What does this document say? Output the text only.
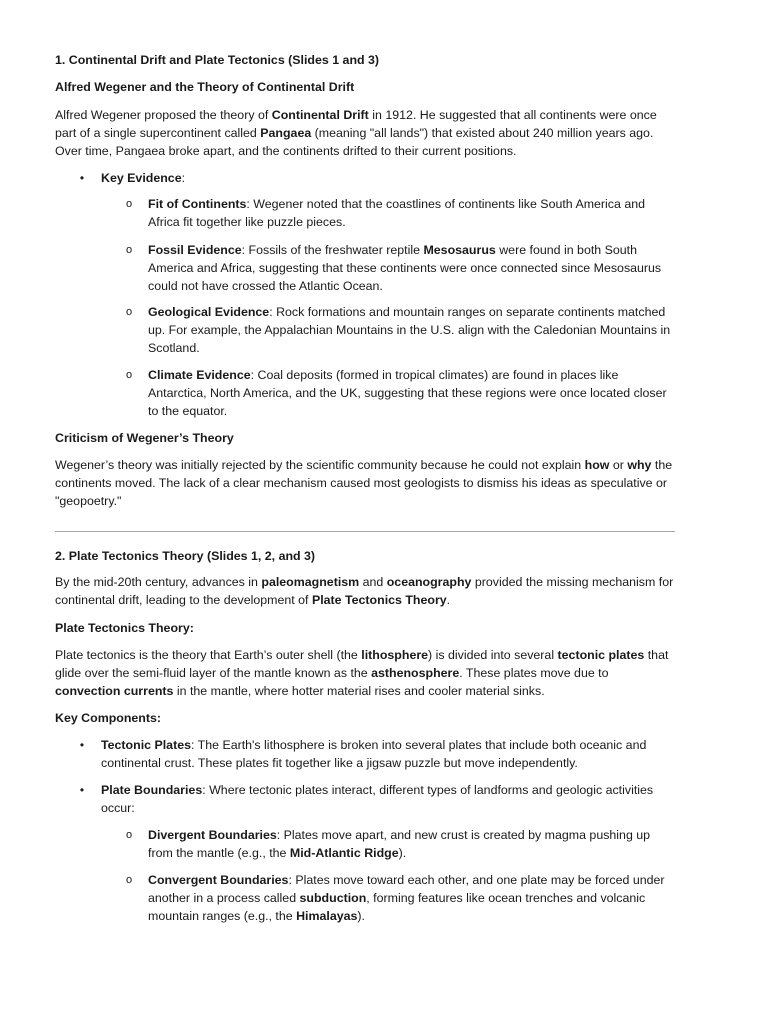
1. Continental Drift and Plate Tectonics (Slides 1 and 3)

Alfred Wegener and the Theory of Continental Drift

Alfred Wegener proposed the theory of Continental Drift in 1912. He suggested that all continents were once part of a single supercontinent called Pangaea (meaning "all lands") that existed about 240 million years ago. Over time, Pangaea broke apart, and the continents drifted to their current positions.

•	Key Evidence:

o	Fit of Continents: Wegener noted that the coastlines of continents like South America and Africa fit together like puzzle pieces.

o	Fossil Evidence: Fossils of the freshwater reptile Mesosaurus were found in both South America and Africa, suggesting that these continents were once connected since Mesosaurus could not have crossed the Atlantic Ocean.

o	Geological Evidence: Rock formations and mountain ranges on separate continents matched up. For example, the Appalachian Mountains in the U.S. align with the Caledonian Mountains in Scotland.

o	Climate Evidence: Coal deposits (formed in tropical climates) are found in places like Antarctica, North America, and the UK, suggesting that these regions were once located closer to the equator.

Criticism of Wegener’s Theory

Wegener’s theory was initially rejected by the scientific community because he could not explain how or why the continents moved. The lack of a clear mechanism caused most geologists to dismiss his ideas as speculative or "geopoetry."

2. Plate Tectonics Theory (Slides 1, 2, and 3)

By the mid-20th century, advances in paleomagnetism and oceanography provided the missing mechanism for continental drift, leading to the development of Plate Tectonics Theory.

Plate Tectonics Theory:

Plate tectonics is the theory that Earth’s outer shell (the lithosphere) is divided into several tectonic plates that glide over the semi-fluid layer of the mantle known as the asthenosphere. These plates move due to convection currents in the mantle, where hotter material rises and cooler material sinks.

Key Components:

•	Tectonic Plates: The Earth's lithosphere is broken into several plates that include both oceanic and continental crust. These plates fit together like a jigsaw puzzle but move independently.

•	Plate Boundaries: Where tectonic plates interact, different types of landforms and geologic activities occur:

o	Divergent Boundaries: Plates move apart, and new crust is created by magma pushing up from the mantle (e.g., the Mid-Atlantic Ridge).

o	Convergent Boundaries: Plates move toward each other, and one plate may be forced under another in a process called subduction, forming features like ocean trenches and volcanic mountain ranges (e.g., the Himalayas).
